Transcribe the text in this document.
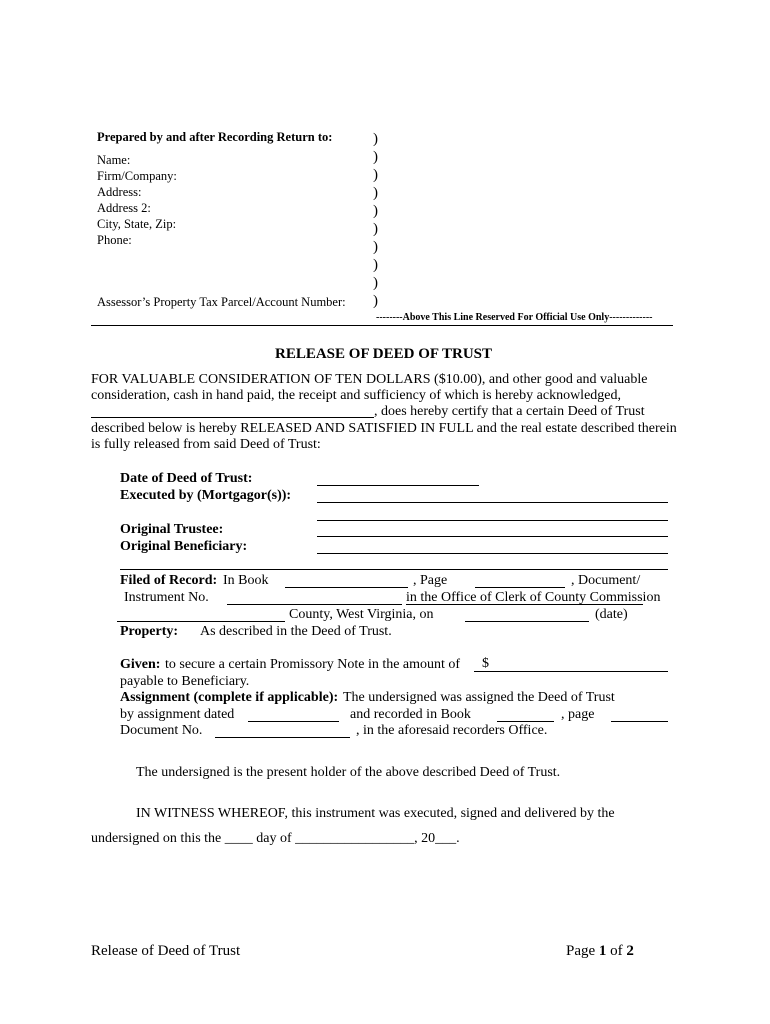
Prepared by and after Recording Return to:
Name:
Firm/Company:
Address:
Address 2:
City, State, Zip:
Phone:
Assessor’s Property Tax Parcel/Account Number:
)
)
)
)
)
)
)
)
)
)
--------Above This Line Reserved For Official Use Only-------------
RELEASE OF DEED OF TRUST
FOR VALUABLE CONSIDERATION OF TEN DOLLARS ($10.00), and other good and valuable
consideration, cash in hand paid, the receipt and sufficiency of which is hereby acknowledged,
, does hereby certify that a certain Deed of Trust
described below is hereby RELEASED AND SATISFIED IN FULL and the real estate described therein
is fully released from said Deed of Trust:
Date of Deed of Trust:
Executed by (Mortgagor(s)):
Original Trustee:
Original Beneficiary:
Filed of Record: In Book	, Page	, Document/
Instrument No.	in the Office of Clerk of County Commission
County, West Virginia, on	(date)
Property: As described in the Deed of Trust.
Given: to secure a certain Promissory Note in the amount of $
payable to Beneficiary.
Assignment (complete if applicable): The undersigned was assigned the Deed of Trust
by assignment dated	and recorded in Book	, page
Document No.	, in the aforesaid recorders Office.
The undersigned is the present holder of the above described Deed of Trust.
IN WITNESS WHEREOF, this instrument was executed, signed and delivered by the
undersigned on this the ____ day of _________________, 20___.
Release of Deed of Trust	Page 1 of 2
